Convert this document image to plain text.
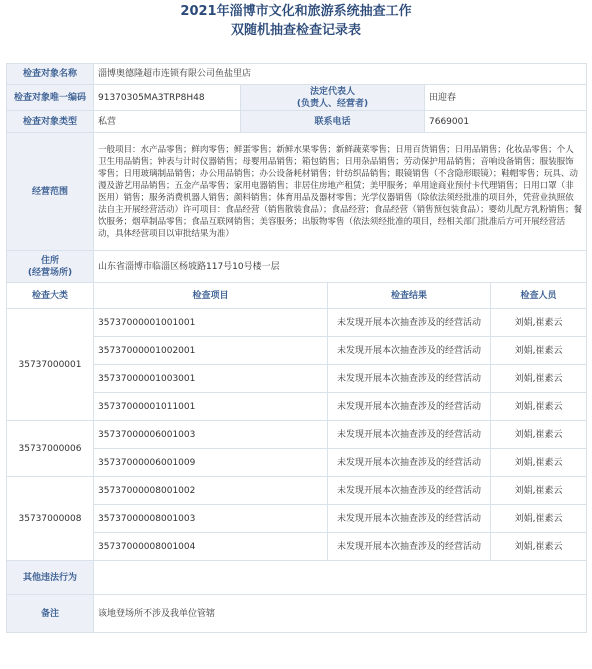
2021年淄博市文化和旅游系统抽查工作
双随机抽查检查记录表
检查对象名称	淄博奥德隆超市连锁有限公司鱼盐里店				
检查对象唯一编码	91370305MA3TRP8H48	法定代表人
(负责人、经营者)		田迎春	
检查对象类型	私营	联系电话		7669001	
经营范围	一般项目：水产品零售；鲜肉零售；鲜蛋零售；新鲜水果零售；新鲜蔬菜零售；日用百货销售；日用品销售；化妆品零售；个人卫生用品销售；钟表与计时仪器销售；母婴用品销售；箱包销售；日用杂品销售；劳动保护用品销售；音响设备销售；服装服饰零售；日用玻璃制品销售；办公用品销售；办公设备耗材销售；针纺织品销售；眼镜销售（不含隐形眼镜）；鞋帽零售；玩具、动漫及游艺用品销售；五金产品零售；家用电器销售；非居住房地产租赁；美甲服务；单用途商业预付卡代理销售；日用口罩（非医用）销售；服务消费机器人销售；颜料销售；体育用品及器材零售；光学仪器销售（除依法须经批准的项目外，凭营业执照依法自主开展经营活动）许可项目：食品经营（销售散装食品）；食品经营；食品经营（销售预包装食品）；婴幼儿配方乳粉销售；餐饮服务；烟草制品零售；食品互联网销售；美容服务；出版物零售（依法须经批准的项目，经相关部门批准后方可开展经营活动，具体经营项目以审批结果为准）				

住所
(经营场所)	山东省淄博市临淄区杨坡路117号10号楼一层				
检查大类	检查项目		检查结果		检查人员
35737000001	35737000001001001		未发现开展本次抽查涉及的经营活动		刘娟,崔素云
	35737000001002001		未发现开展本次抽查涉及的经营活动		刘娟,崔素云
	35737000001003001		未发现开展本次抽查涉及的经营活动		刘娟,崔素云
	35737000001011001		未发现开展本次抽查涉及的经营活动		刘娟,崔素云
35737000006	35737000006001003		未发现开展本次抽查涉及的经营活动		刘娟,崔素云
	35737000006001009		未发现开展本次抽查涉及的经营活动		刘娟,崔素云
35737000008	35737000008001002		未发现开展本次抽查涉及的经营活动		刘娟,崔素云
	35737000008001003		未发现开展本次抽查涉及的经营活动		刘娟,崔素云
	35737000008001004		未发现开展本次抽查涉及的经营活动		刘娟,崔素云
其他违法行为					
备注	该地登场所不涉及我单位管辖				
